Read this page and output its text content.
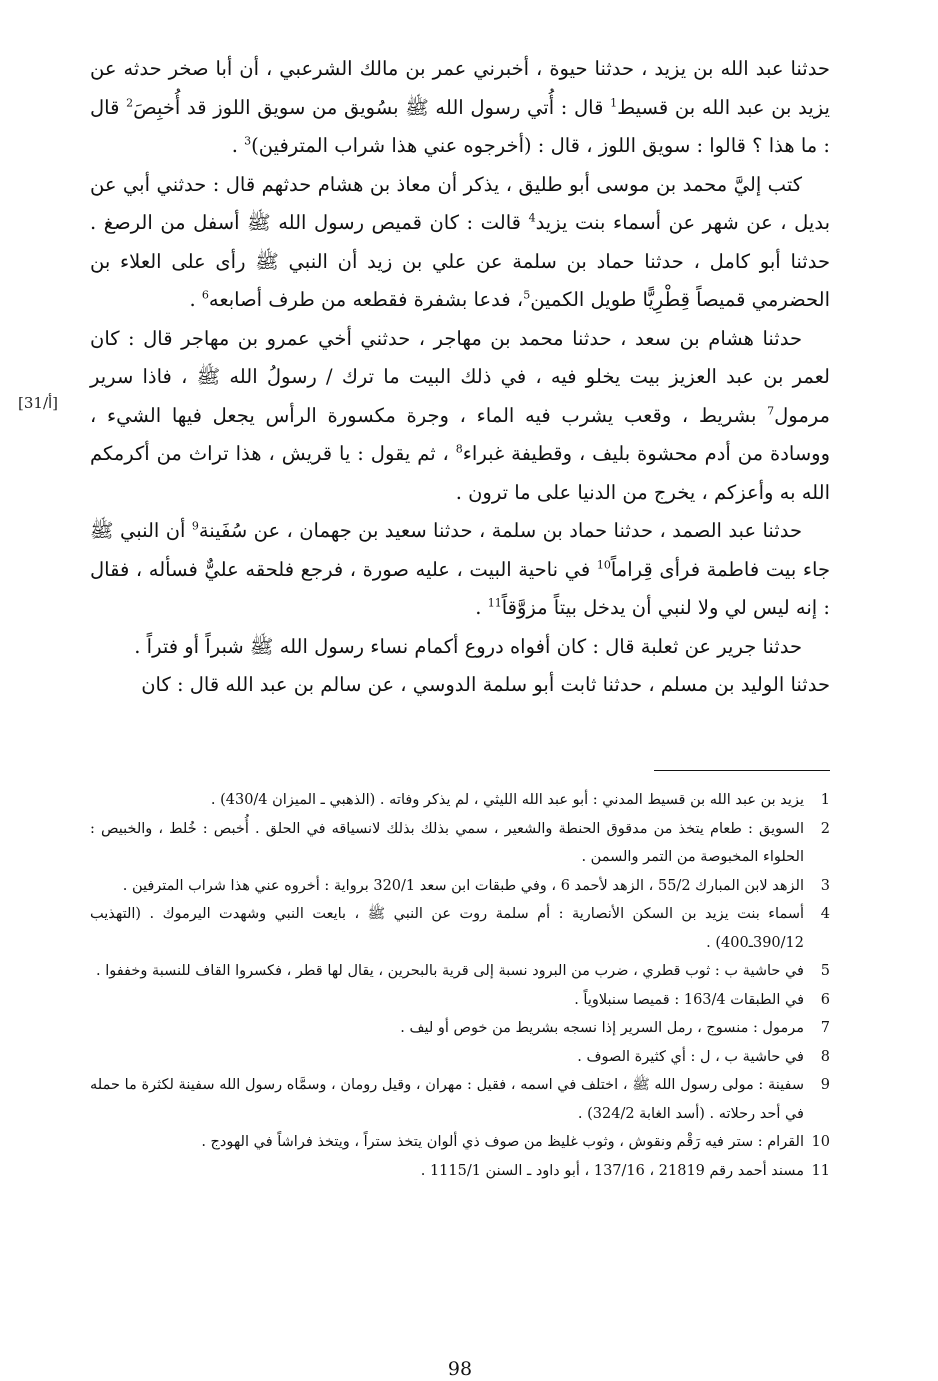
حدثنا عبد الله بن يزيد ، حدثنا حيوة ، أخبرني عمر بن مالك الشرعبي ، أن أبا صخر حدثه عن يزيد بن عبد الله بن قسيط$^1$ قال : أُتي رسول الله ﷺ بسُويق من سويق اللوز قد أُخبِصَ$^2$ قال : ما هذا ؟ قالوا : سويق اللوز ، قال : (أخرجوه عني هذا شراب المترفين)$^3$ .

كتب إليَّ محمد بن موسى أبو طليق ، يذكر أن معاذ بن هشام حدثهم قال : حدثني أبي عن بديل ، عن شهر عن أسماء بنت يزيد$^4$ قالت : كان قميص رسول الله ﷺ أسفل من الرصغ . حدثنا أبو كامل ، حدثنا حماد بن سلمة عن علي بن زيد أن النبي ﷺ رأى على العلاء بن الحضرمي قميصاً قِطْرِيًّا طويل الكمين$^5$، فدعا بشفرة فقطعه من طرف أصابعه$^6$ .

حدثنا هشام بن سعد ، حدثنا محمد بن مهاجر ، حدثني أخي عمرو بن مهاجر قال : كان لعمر بن عبد العزيز بيت يخلو فيه ، في ذلك البيت ما ترك / رسولُ الله ﷺ ، فاذا سرير مرمول$^7$ بشريط ، وقعب يشرب فيه الماء ، وجرة مكسورة الرأس يجعل فيها الشيء ، ووسادة من أدم محشوة بليف ، وقطيفة غبراء$^8$ ، ثم يقول : يا قريش ، هذا تراث من أكرمكم الله به وأعزكم ، يخرج من الدنيا على ما ترون .

حدثنا عبد الصمد ، حدثنا حماد بن سلمة ، حدثنا سعيد بن جهمان ، عن سُفَينة$^9$ أن النبي ﷺ جاء بيت فاطمة فرأى قِراماً$^{10}$ في ناحية البيت ، عليه صورة ، فرجع فلحقه عليٌّ فسأله ، فقال : إنه ليس لي ولا لنبي أن يدخل بيتاً مزوَّقاً$^{11}$ .

حدثنا جرير عن ثعلبة قال : كان أفواه دروع أكمام نساء رسول الله ﷺ شبراً أو فتراً .

حدثنا الوليد بن مسلم ، حدثنا ثابت أبو سلمة الدوسي ، عن سالم بن عبد الله قال : كان

[31/أ]
1
يزيد بن عبد الله بن قسيط المدني : أبو عبد الله الليثي ، لم يذكر وفاته . (الذهبي ـ الميزان 430/4) .
2
السويق : طعام يتخذ من مدقوق الحنطة والشعير ، سمي بذلك بذلك لانسياقه في الحلق . أُخبص : خُلط ، والخبيص : الحلواء المخبوصة من التمر والسمن .
3
الزهد لابن المبارك 55/2 ، الزهد لأحمد 6 ، وفي طبقات ابن سعد 320/1 برواية : أخروه عني هذا شراب المترفين .
4
أسماء بنت يزيد بن السكن الأنصارية : أم سلمة روت عن النبي ﷺ ، بايعت النبي وشهدت اليرموك . (التهذيب 390/12ـ400) .
5
في حاشية ب : ثوب قطري ، ضرب من البرود نسبة إلى قرية بالبحرين ، يقال لها قطر ، فكسروا القاف للنسبة وخففوا .
6
في الطبقات 163/4 : قميصا سنبلاوياً .
7
مرمول : منسوج ، رمل السرير إذا نسجه بشريط من خوص أو ليف .
8
في حاشية ب ، ل : أي كثيرة الصوف .
9
سفينة : مولى رسول الله ﷺ ، اختلف في اسمه ، فقيل : مهران ، وقيل رومان ، وسمَّاه رسول الله سفينة لكثرة ما حمله في أحد رحلاته . (أسد الغابة 324/2) .
10
القرام : ستر فيه رَقْم ونقوش ، وثوب غليظ من صوف ذي ألوان يتخذ ستراً ، ويتخذ فراشاً في الهودج .
11
مسند أحمد رقم 21819 ، 137/16 ، أبو داود ـ السنن 1115/1 .
98
